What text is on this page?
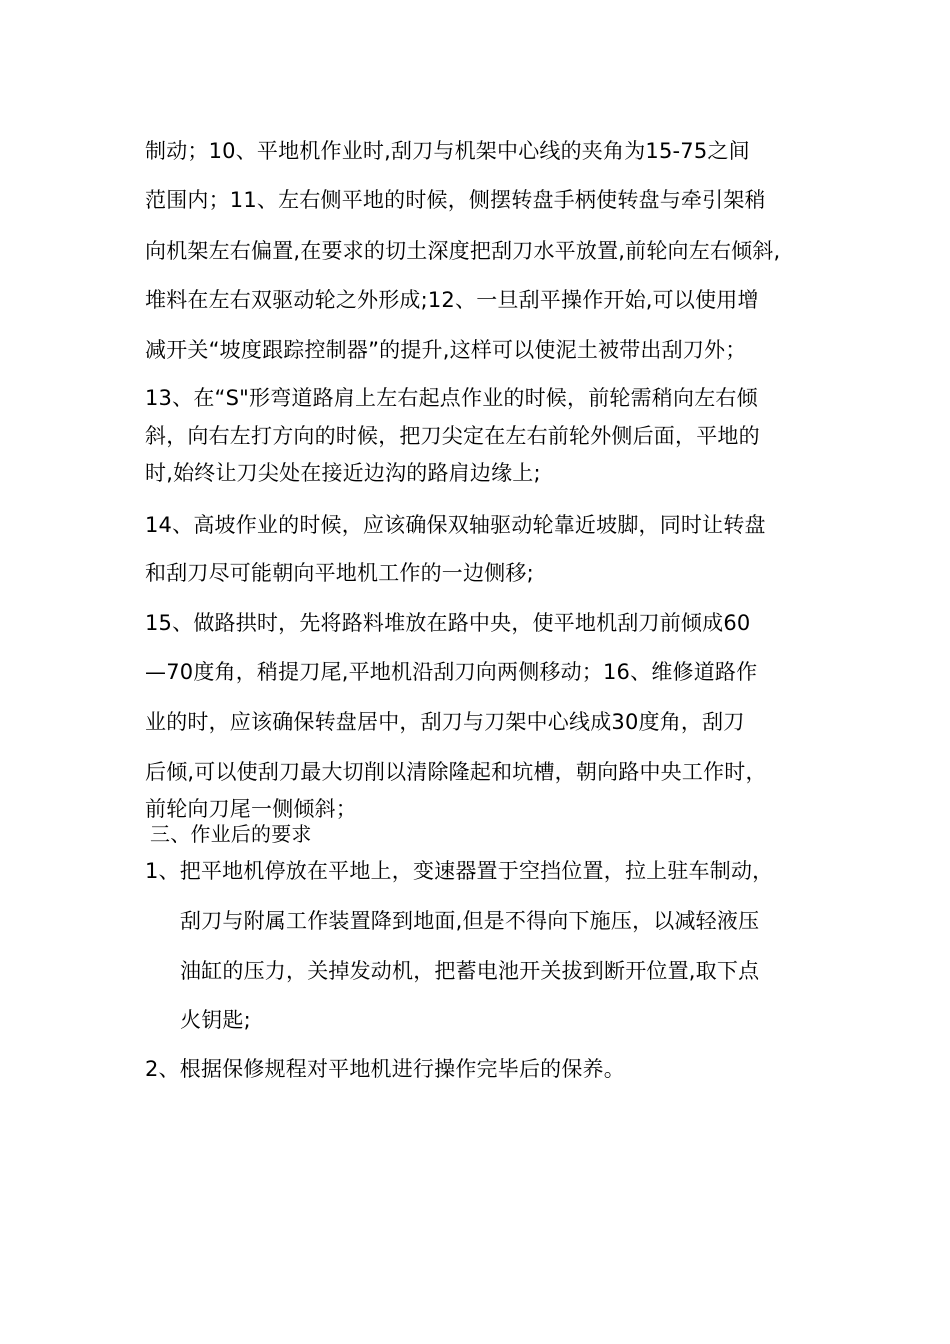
制动；10、平地机作业时,刮刀与机架中心线的夹角为15-75之间
范围内；11、左右侧平地的时候，侧摆转盘手柄使转盘与牵引架稍
向机架左右偏置,在要求的切土深度把刮刀水平放置,前轮向左右倾斜,
堆料在左右双驱动轮之外形成;12、一旦刮平操作开始,可以使用增
减开关“坡度跟踪控制器”的提升,这样可以使泥土被带出刮刀外；
13、在“S"形弯道路肩上左右起点作业的时候，前轮需稍向左右倾
斜，向右左打方向的时候，把刀尖定在左右前轮外侧后面，平地的
时,始终让刀尖处在接近边沟的路肩边缘上;
14、高坡作业的时候，应该确保双轴驱动轮靠近坡脚，同时让转盘
和刮刀尽可能朝向平地机工作的一边侧移;
15、做路拱时，先将路料堆放在路中央，使平地机刮刀前倾成60
—70度角，稍提刀尾,平地机沿刮刀向两侧移动；16、维修道路作
业的时，应该确保转盘居中，刮刀与刀架中心线成30度角，刮刀
后倾,可以使刮刀最大切削以清除隆起和坑槽，朝向路中央工作时，
前轮向刀尾一侧倾斜；
三、作业后的要求
1、把平地机停放在平地上，变速器置于空挡位置，拉上驻车制动，
刮刀与附属工作装置降到地面,但是不得向下施压，以减轻液压
油缸的压力，关掉发动机，把蓄电池开关拔到断开位置,取下点
火钥匙;
2、根据保修规程对平地机进行操作完毕后的保养。
